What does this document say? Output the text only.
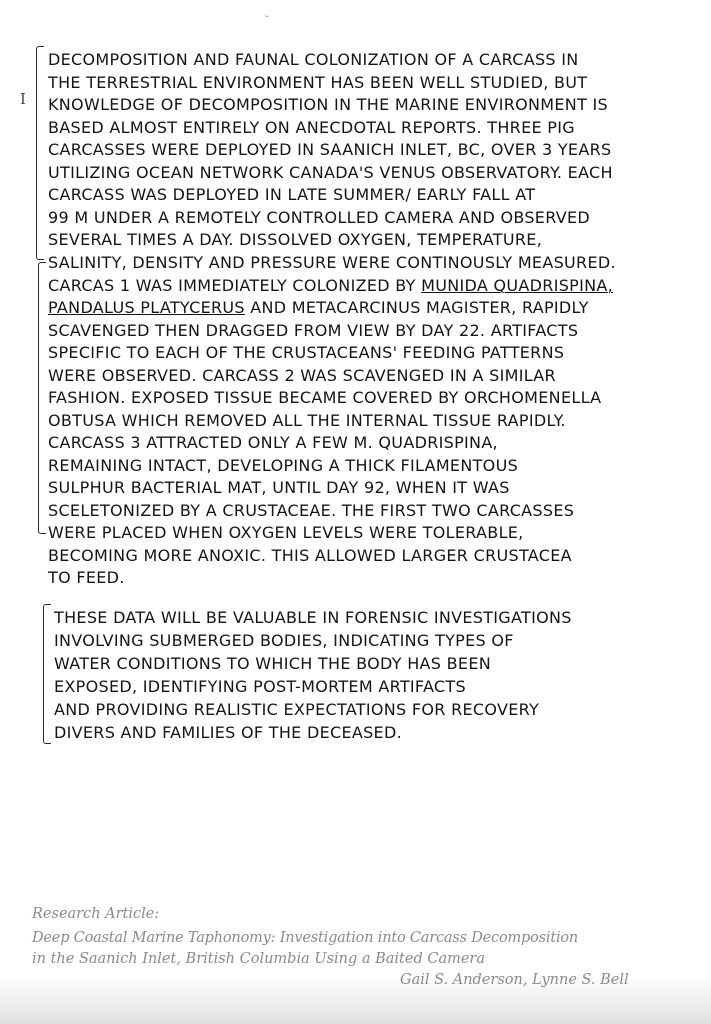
˘
I

DECOMPOSITION AND FAUNAL COLONIZATION OF A CARCASS IN

THE TERRESTRIAL ENVIRONMENT HAS BEEN WELL STUDIED, BUT

KNOWLEDGE OF DECOMPOSITION IN THE MARINE ENVIRONMENT IS

BASED ALMOST ENTIRELY ON ANECDOTAL REPORTS. THREE PIG

CARCASSES WERE DEPLOYED IN SAANICH INLET, BC, OVER 3 YEARS

UTILIZING OCEAN NETWORK CANADA'S VENUS OBSERVATORY. EACH

CARCASS WAS DEPLOYED IN LATE SUMMER/ EARLY FALL AT

99 M UNDER A REMOTELY CONTROLLED CAMERA AND OBSERVED

SEVERAL TIMES A DAY. DISSOLVED OXYGEN, TEMPERATURE,

SALINITY, DENSITY AND PRESSURE WERE CONTINOUSLY MEASURED.

CARCAS 1 WAS IMMEDIATELY COLONIZED BY MUNIDA QUADRISPINA,

PANDALUS PLATYCERUS AND METACARCINUS MAGISTER, RAPIDLY

SCAVENGED THEN DRAGGED FROM VIEW BY DAY 22. ARTIFACTS

SPECIFIC TO EACH OF THE CRUSTACEANS' FEEDING PATTERNS

WERE OBSERVED. CARCASS 2 WAS SCAVENGED IN A SIMILAR

FASHION. EXPOSED TISSUE BECAME COVERED BY ORCHOMENELLA

OBTUSA WHICH REMOVED ALL THE INTERNAL TISSUE RAPIDLY.

CARCASS 3 ATTRACTED ONLY A FEW M. QUADRISPINA,

REMAINING INTACT, DEVELOPING A THICK FILAMENTOUS

SULPHUR BACTERIAL MAT, UNTIL DAY 92, WHEN IT WAS

SCELETONIZED BY A CRUSTACEAE. THE FIRST TWO CARCASSES

WERE PLACED WHEN OXYGEN LEVELS WERE TOLERABLE,

BECOMING MORE ANOXIC. THIS ALLOWED LARGER CRUSTACEA

TO FEED.

THESE DATA WILL BE VALUABLE IN FORENSIC INVESTIGATIONS

INVOLVING SUBMERGED BODIES, INDICATING TYPES OF

WATER CONDITIONS TO WHICH THE BODY HAS BEEN

EXPOSED, IDENTIFYING POST-MORTEM ARTIFACTS

AND PROVIDING REALISTIC EXPECTATIONS FOR RECOVERY

DIVERS AND FAMILIES OF THE DECEASED.

Research Article:

Deep Coastal Marine Taphonomy: Investigation into Carcass Decomposition

in the Saanich Inlet, British Columbia Using a Baited Camera

Gail S. Anderson, Lynne S. Bell
